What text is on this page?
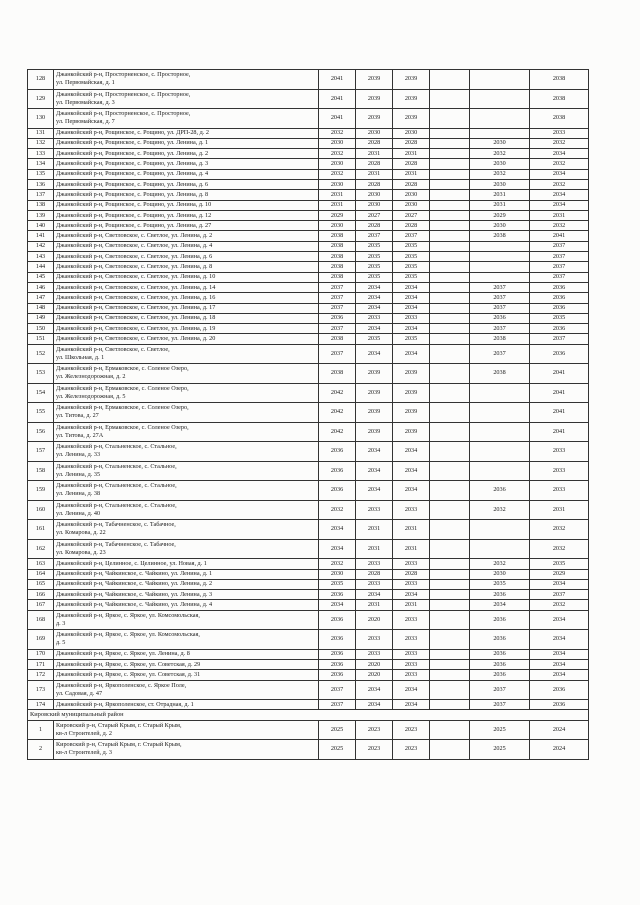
128	Джанкойский р-н, Просторненское, с. Просторное,
ул. Первомайская, д. 1	2041	2039	2039			2038
129	Джанкойский р-н, Просторненское, с. Просторное,
ул. Первомайская, д. 3	2041	2039	2039			2038
130	Джанкойский р-н, Просторненское, с. Просторное,
ул. Первомайская, д. 7	2041	2039	2039			2038
131	Джанкойский р-н, Рощинское, с. Рощино, ул. ДРП-28, д. 2	2032	2030	2030			2033
132	Джанкойский р-н, Рощинское, с. Рощино, ул. Ленина, д. 1	2030	2028	2028		2030	2032
133	Джанкойский р-н, Рощинское, с. Рощино, ул. Ленина, д. 2	2032	2031	2031		2032	2034
134	Джанкойский р-н, Рощинское, с. Рощино, ул. Ленина, д. 3	2030	2028	2028		2030	2032
135	Джанкойский р-н, Рощинское, с. Рощино, ул. Ленина, д. 4	2032	2031	2031		2032	2034
136	Джанкойский р-н, Рощинское, с. Рощино, ул. Ленина, д. 6	2030	2028	2028		2030	2032
137	Джанкойский р-н, Рощинское, с. Рощино, ул. Ленина, д. 8	2031	2030	2030		2031	2034
138	Джанкойский р-н, Рощинское, с. Рощино, ул. Ленина, д. 10	2031	2030	2030		2031	2034
139	Джанкойский р-н, Рощинское, с. Рощино, ул. Ленина, д. 12	2029	2027	2027		2029	2031
140	Джанкойский р-н, Рощинское, с. Рощино, ул. Ленина, д. 27	2030	2028	2028		2030	2032
141	Джанкойский р-н, Светловское, с. Светлое, ул. Ленина, д. 2	2038	2037	2037		2038	2041
142	Джанкойский р-н, Светловское, с. Светлое, ул. Ленина, д. 4	2038	2035	2035			2037
143	Джанкойский р-н, Светловское, с. Светлое, ул. Ленина, д. 6	2038	2035	2035			2037
144	Джанкойский р-н, Светловское, с. Светлое, ул. Ленина, д. 8	2038	2035	2035			2037
145	Джанкойский р-н, Светловское, с. Светлое, ул. Ленина, д. 10	2038	2035	2035			2037
146	Джанкойский р-н, Светловское, с. Светлое, ул. Ленина, д. 14	2037	2034	2034		2037	2036
147	Джанкойский р-н, Светловское, с. Светлое, ул. Ленина, д. 16	2037	2034	2034		2037	2036
148	Джанкойский р-н, Светловское, с. Светлое, ул. Ленина, д. 17	2037	2034	2034		2037	2036
149	Джанкойский р-н, Светловское, с. Светлое, ул. Ленина, д. 18	2036	2033	2033		2036	2035
150	Джанкойский р-н, Светловское, с. Светлое, ул. Ленина, д. 19	2037	2034	2034		2037	2036
151	Джанкойский р-н, Светловское, с. Светлое, ул. Ленина, д. 20	2038	2035	2035		2038	2037
152	Джанкойский р-н, Светловское, с. Светлое,
ул. Школьная, д. 1	2037	2034	2034		2037	2036
153	Джанкойский р-н, Ермаковское, с. Соленое Озеро,
ул. Железнодорожная, д. 2	2038	2039	2039		2038	2041
154	Джанкойский р-н, Ермаковское, с. Соленое Озеро,
ул. Железнодорожная, д. 5	2042	2039	2039			2041
155	Джанкойский р-н, Ермаковское, с. Соленое Озеро,
ул. Титова, д. 27	2042	2039	2039			2041
156	Джанкойский р-н, Ермаковское, с. Соленое Озеро,
ул. Титова, д. 27А	2042	2039	2039			2041
157	Джанкойский р-н, Стальненское, с. Стальное,
ул. Ленина, д. 33	2036	2034	2034			2033
158	Джанкойский р-н, Стальненское, с. Стальное,
ул. Ленина, д. 35	2036	2034	2034			2033
159	Джанкойский р-н, Стальненское, с. Стальное,
ул. Ленина, д. 38	2036	2034	2034		2036	2033
160	Джанкойский р-н, Стальненское, с. Стальное,
ул. Ленина, д. 40	2032	2033	2033		2032	2031
161	Джанкойский р-н, Табачненское, с. Табачное,
ул. Комарова, д. 22	2034	2031	2031			2032
162	Джанкойский р-н, Табачненское, с. Табачное,
ул. Комарова, д. 23	2034	2031	2031			2032
163	Джанкойский р-н, Целинное, с. Целинное, ул. Новая, д. 1	2032	2033	2033		2032	2035
164	Джанкойский р-н, Чайкинское, с. Чайкино, ул. Ленина, д. 1	2030	2028	2028		2030	2029
165	Джанкойский р-н, Чайкинское, с. Чайкино, ул. Ленина, д. 2	2035	2033	2033		2035	2034
166	Джанкойский р-н, Чайкинское, с. Чайкино, ул. Ленина, д. 3	2036	2034	2034		2036	2037
167	Джанкойский р-н, Чайкинское, с. Чайкино, ул. Ленина, д. 4	2034	2031	2031		2034	2032
168	Джанкойский р-н, Яркое, с. Яркое, ул. Комсомольская,
д. 3	2036	2020	2033		2036	2034
169	Джанкойский р-н, Яркое, с. Яркое, ул. Комсомольская,
д. 5	2036	2033	2033		2036	2034
170	Джанкойский р-н, Яркое, с. Яркое, ул. Ленина, д. 8	2036	2033	2033		2036	2034
171	Джанкойский р-н, Яркое, с. Яркое, ул. Советская, д. 29	2036	2020	2033		2036	2034
172	Джанкойский р-н, Яркое, с. Яркое, ул. Советская, д. 31	2036	2020	2033		2036	2034
173	Джанкойский р-н, Яркополенское, с. Яркое Поле,
ул. Садовая, д. 47	2037	2034	2034		2037	2036
174	Джанкойский р-н, Яркополенское, ст. Отрадная, д. 1	2037	2034	2034		2037	2036
Кировский муниципальный район							
1	Кировский р-н, Старый Крым, г. Старый Крым,
кв-л Строителей, д. 2	2025	2023	2023		2025	2024
2	Кировский р-н, Старый Крым, г. Старый Крым,
кв-л Строителей, д. 3	2025	2023	2023		2025	2024
